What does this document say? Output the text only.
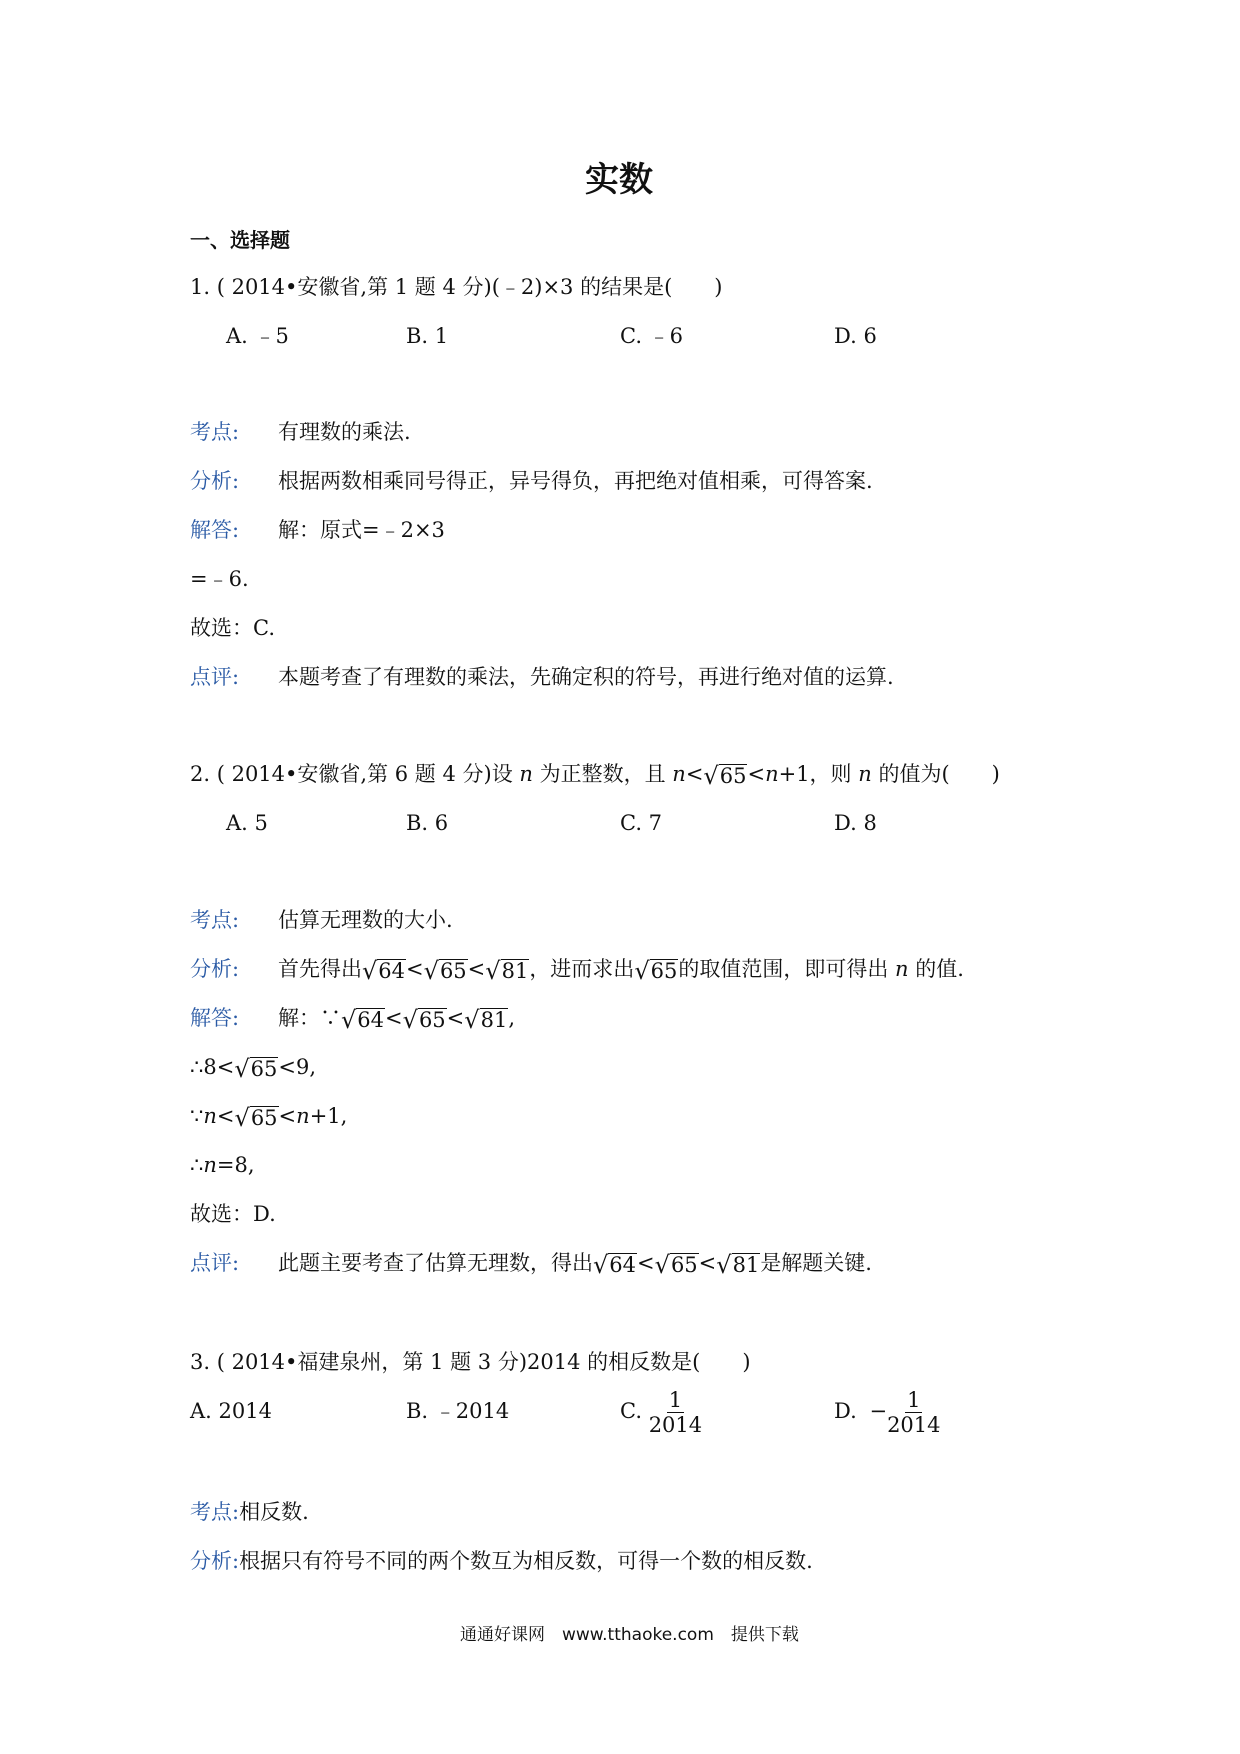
实数
一、选择题
1. ( 2014•安徽省,第 1 题 4 分)(﹣2)×3 的结果是(　　)
A. ﹣5	B. 1	C. ﹣6	D. 6
考点: 有理数的乘法.
分析: 根据两数相乘同号得正，异号得负，再把绝对值相乘，可得答案.
解答: 解：原式=﹣2×3
=﹣6.
故选：C.
点评: 本题考查了有理数的乘法，先确定积的符号，再进行绝对值的运算.
2. ( 2014•安徽省,第 6 题 4 分)设 n 为正整数，且 n< √ 65 <n+1，则 n 的值为(　　)
A. 5	B. 6	C. 7	D. 8
考点: 估算无理数的大小.
分析: 首先得出 √ 64 < √ 65 < √ 81 ，进而求出 √ 65 的取值范围，即可得出 n 的值.
解答: 解：∵ √ 64 < √ 65 < √ 81 ,
∴8< √ 65 <9,
∵n< √ 65 <n+1,
∴n=8,
故选：D.
点评: 此题主要考查了估算无理数，得出 √ 64 < √ 65 < √ 81 是解题关键.
3. ( 2014•福建泉州，第 1 题 3 分)2014 的相反数是(　　)
A. 2014	B. ﹣2014	C. $\frac{1}{2014}$	D. − $\frac{1}{2014}$
考点:相反数.
分析:根据只有符号不同的两个数互为相反数，可得一个数的相反数.
通通好课网　www.tthaoke.com　提供下载
